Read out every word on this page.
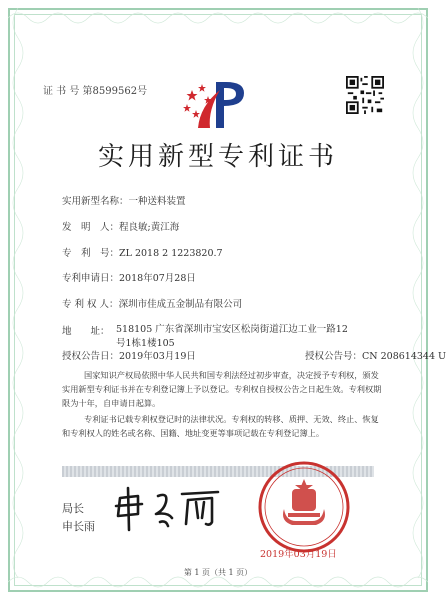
证 书 号 第8599562号
实用新型专利证书
实用新型名称：一种送料装置
发　明　人：程良敏;黄江海
专　利　号：ZL 2018 2 1223820.7
专利申请日：2018年07月28日
专 利 权 人：深圳市佳成五金制品有限公司
地　　址： 518105 广东省深圳市宝安区松岗街道江边工业一路12号1栋1楼105
授权公告日：2019年03月19日	授权公告号：CN 208614344 U
国家知识产权局依照中华人民共和国专利法经过初步审查，决定授予专利权，颁发实用新型专利证书并在专利登记簿上予以登记。专利权自授权公告之日起生效。专利权期限为十年，自申请日起算。
专利证书记载专利权登记时的法律状况。专利权的转移、质押、无效、终止、恢复和专利权人的姓名或名称、国籍、地址变更等事项记载在专利登记簿上。
局长
申长雨
2019年03月19日
第 1 页（共 1 页）
